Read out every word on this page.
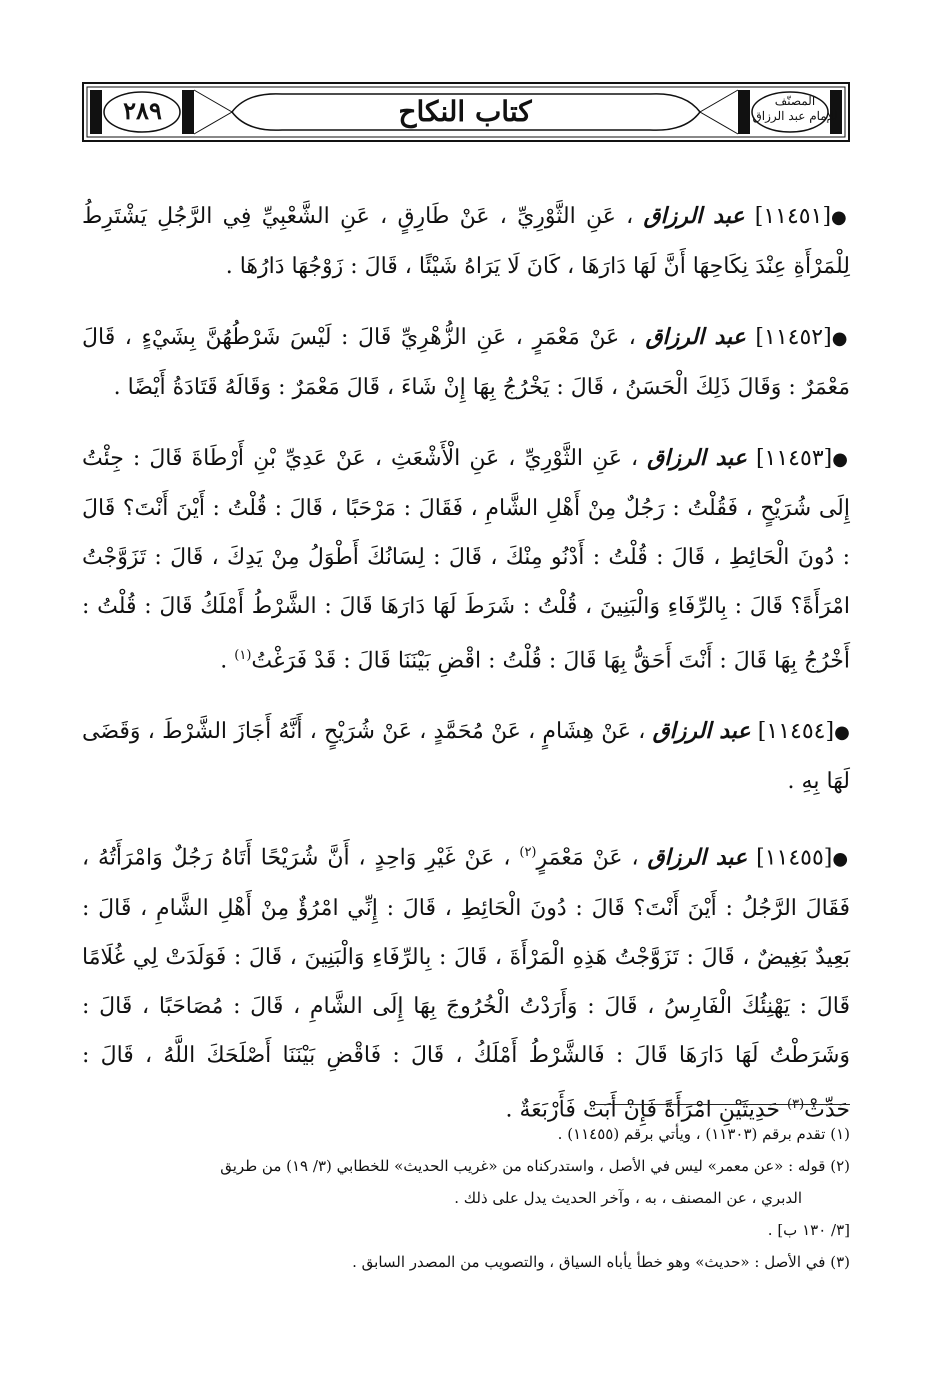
٢٨٩	كتاب النكاح	المصنّف
للإمام عبد الرزاق

●[١١٤٥١] عبد الرزاق ، عَنِ الثَّوْرِيِّ ، عَنْ طَارِقٍ ، عَنِ الشَّعْبِيِّ فِي الرَّجُلِ يَشْتَرِطُ لِلْمَرْأَةِ عِنْدَ نِكَاحِهَا أَنَّ لَهَا دَارَهَا ، كَانَ لَا يَرَاهُ شَيْئًا ، قَالَ : زَوْجُهَا دَارُهَا .

●[١١٤٥٢] عبد الرزاق ، عَنْ مَعْمَرٍ ، عَنِ الزُّهْرِيِّ قَالَ : لَيْسَ شَرْطُهُنَّ بِشَيْءٍ ، قَالَ مَعْمَرٌ : وَقَالَ ذَلِكَ الْحَسَنُ ، قَالَ : يَخْرُجُ بِهَا إِنْ شَاءَ ، قَالَ مَعْمَرٌ : وَقَالَهُ قَتَادَةُ أَيْضًا .

●[١١٤٥٣] عبد الرزاق ، عَنِ الثَّوْرِيِّ ، عَنِ الْأَشْعَثِ ، عَنْ عَدِيِّ بْنِ أَرْطَاةَ قَالَ : جِئْتُ إِلَى شُرَيْحٍ ، فَقُلْتُ : رَجُلٌ مِنْ أَهْلِ الشَّامِ ، فَقَالَ : مَرْحَبًا ، قَالَ : قُلْتُ : أَيْنَ أَنْتَ؟ قَالَ : دُونَ الْحَائِطِ ، قَالَ : قُلْتُ : أَدْنُو مِنْكَ ، قَالَ : لِسَانُكَ أَطْوَلُ مِنْ يَدِكَ ، قَالَ : تَزَوَّجْتُ امْرَأَةً؟ قَالَ : بِالرِّفَاءِ وَالْبَنِينَ ، قُلْتُ : شَرَطَ لَهَا دَارَهَا قَالَ : الشَّرْطُ أَمْلَكُ قَالَ : قُلْتُ : أَخْرُجُ بِهَا قَالَ : أَنْتَ أَحَقُّ بِهَا قَالَ : قُلْتُ : اقْضِ بَيْنَنَا قَالَ : قَدْ فَرَغْتُ$^{(١)}$ .

●[١١٤٥٤] عبد الرزاق ، عَنْ هِشَامٍ ، عَنْ مُحَمَّدٍ ، عَنْ شُرَيْحٍ ، أَنَّهُ أَجَازَ الشَّرْطَ ، وَقَضَى لَهَا بِهِ .

●[١١٤٥٥] عبد الرزاق ، عَنْ مَعْمَرٍ$^{(٢)}$ ، عَنْ غَيْرِ وَاحِدٍ ، أَنَّ شُرَيْحًا أَتَاهُ رَجُلٌ وَامْرَأَتُهُ ، فَقَالَ الرَّجُلُ : أَيْنَ أَنْتَ؟ قَالَ : دُونَ الْحَائِطِ ، قَالَ : إِنِّي امْرُؤٌ مِنْ أَهْلِ الشَّامِ ، قَالَ : بَعِيدٌ بَغِيضٌ ، قَالَ : تَزَوَّجْتُ هَذِهِ الْمَرْأَةَ ، قَالَ : بِالرِّفَاءِ وَالْبَنِينَ ، قَالَ : فَوَلَدَتْ لِي غُلَامًا قَالَ : يَهْنِئُكَ الْفَارِسُ ، قَالَ : وَأَرَدْتُ الْخُرُوجَ بِهَا إِلَى الشَّامِ ، قَالَ : مُصَاحَبًا ، قَالَ : وَشَرَطْتُ لَهَا دَارَهَا قَالَ : فَالشَّرْطُ أَمْلَكُ ، قَالَ : فَاقْضِ بَيْنَنَا أَصْلَحَكَ اللَّهُ ، قَالَ : حَدِّثْ$^{(٣)}$ حَدِيثَيْنِ امْرَأَةً فَإِنْ أَبَتْ فَأَرْبَعَةٌ .

(١) تقدم برقم (١١٣٠٣) ، ويأتي برقم (١١٤٥٥) .
(٢) قوله : «عن معمر» ليس في الأصل ، واستدركناه من «غريب الحديث» للخطابي (٣/ ١٩) من طريق
الدبري ، عن المصنف ، به ، وآخر الحديث يدل على ذلك .
[٣/ ١٣٠ ب] .
(٣) في الأصل : «حديث» وهو خطأ يأباه السياق ، والتصويب من المصدر السابق .
